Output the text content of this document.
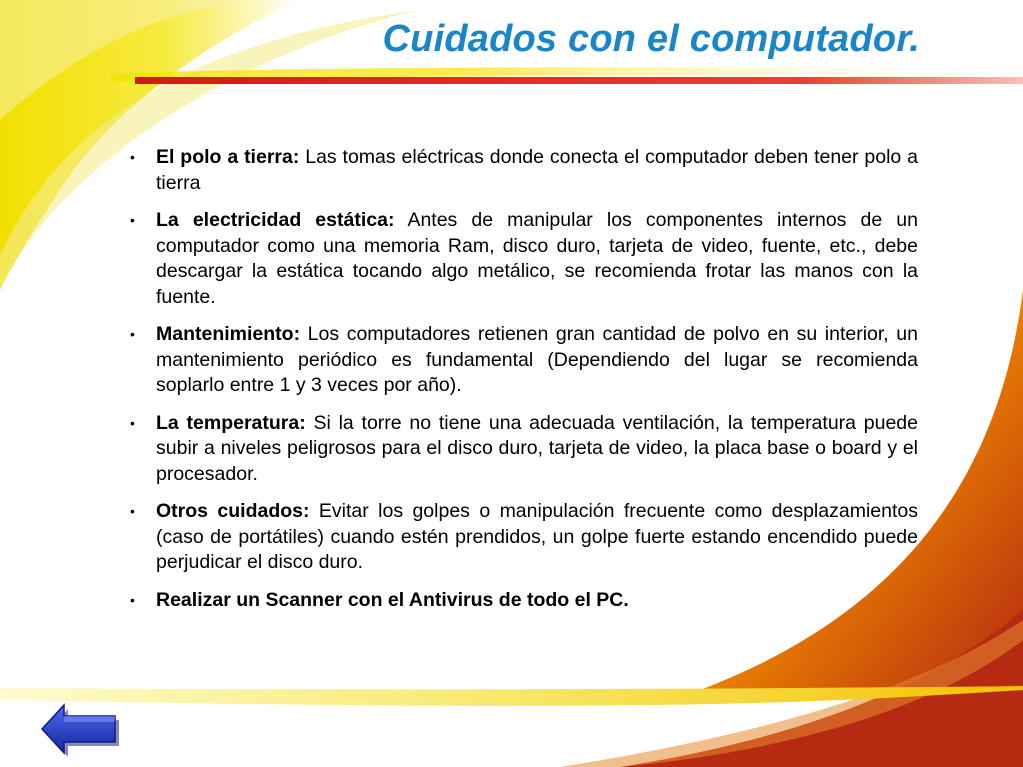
Cuidados con el computador.
• El polo a tierra: Las tomas eléctricas donde conecta el computador deben tener polo a tierra
• La electricidad estática: Antes de manipular los componentes internos de un computador como una memoria Ram, disco duro, tarjeta de video, fuente, etc., debe descargar la estática tocando algo metálico, se recomienda frotar las manos con la fuente.
• Mantenimiento: Los computadores retienen gran cantidad de polvo en su interior, un mantenimiento periódico es fundamental (Dependiendo del lugar se recomienda soplarlo entre 1 y 3 veces por año).
• La temperatura: Si la torre no tiene una adecuada ventilación, la temperatura puede subir a niveles peligrosos para el disco duro, tarjeta de video, la placa base o board y el procesador.
• Otros cuidados: Evitar los golpes o manipulación frecuente como desplazamientos (caso de portátiles) cuando estén prendidos, un golpe fuerte estando encendido puede perjudicar el disco duro.
• Realizar un Scanner con el Antivirus de todo el PC.
